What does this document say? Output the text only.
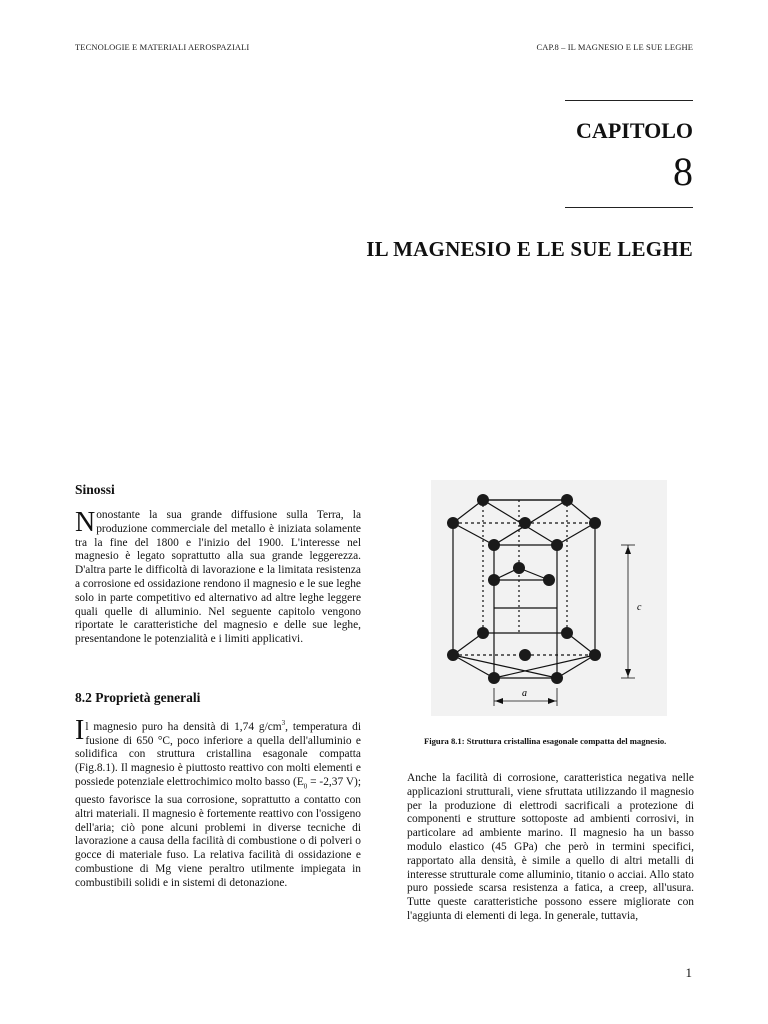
TECNOLOGIE E MATERIALI AEROSPAZIALI	CAP.8 – IL MAGNESIO E LE SUE LEGHE
CAPITOLO
8
IL MAGNESIO E LE SUE LEGHE
Sinossi
Nonostante la sua grande diffusione sulla Terra, la produzione commerciale del metallo è iniziata solamente tra la fine del 1800 e l'inizio del 1900. L'interesse nel magnesio è legato soprattutto alla sua grande leggerezza. D'altra parte le difficoltà di lavorazione e la limitata resistenza a corrosione ed ossidazione rendono il magnesio e le sue leghe solo in parte competitivo ed alternativo ad altre leghe leggere quali quelle di alluminio. Nel seguente capitolo vengono riportate le caratteristiche del magnesio e delle sue leghe, presentandone le potenzialità e i limiti applicativi.
8.2 Proprietà generali
Il magnesio puro ha densità di 1,74 $g/cm^3$, temperatura di fusione di 650 °C, poco inferiore a quella dell'alluminio e solidifica con struttura cristallina esagonale compatta (Fig.8.1). Il magnesio è piuttosto reattivo con molti elementi e possiede potenziale elettrochimico molto basso ($E_0 = -2,37$ V); questo favorisce la sua corrosione, soprattutto a contatto con altri materiali. Il magnesio è fortemente reattivo con l'ossigeno dell'aria; ciò pone alcuni problemi in diverse tecniche di lavorazione a causa della facilità di combustione o di polveri o gocce di materiale fuso. La relativa facilità di ossidazione e combustione di Mg viene peraltro utilmente impiegata in combustibili solidi e in sistemi di detonazione.
c
a
Figura 8.1: Struttura cristallina esagonale compatta del magnesio.
Anche la facilità di corrosione, caratteristica negativa nelle applicazioni strutturali, viene sfruttata utilizzando il magnesio per la produzione di elettrodi sacrificali a protezione di componenti e strutture sottoposte ad ambienti corrosivi, in particolare ad ambiente marino. Il magnesio ha un basso modulo elastico (45 GPa) che però in termini specifici, rapportato alla densità, è simile a quello di altri metalli di interesse strutturale come alluminio, titanio o acciai. Allo stato puro possiede scarsa resistenza a fatica, a creep, all'usura. Tutte queste caratteristiche possono essere migliorate con l'aggiunta di elementi di lega. In generale, tuttavia,
1
